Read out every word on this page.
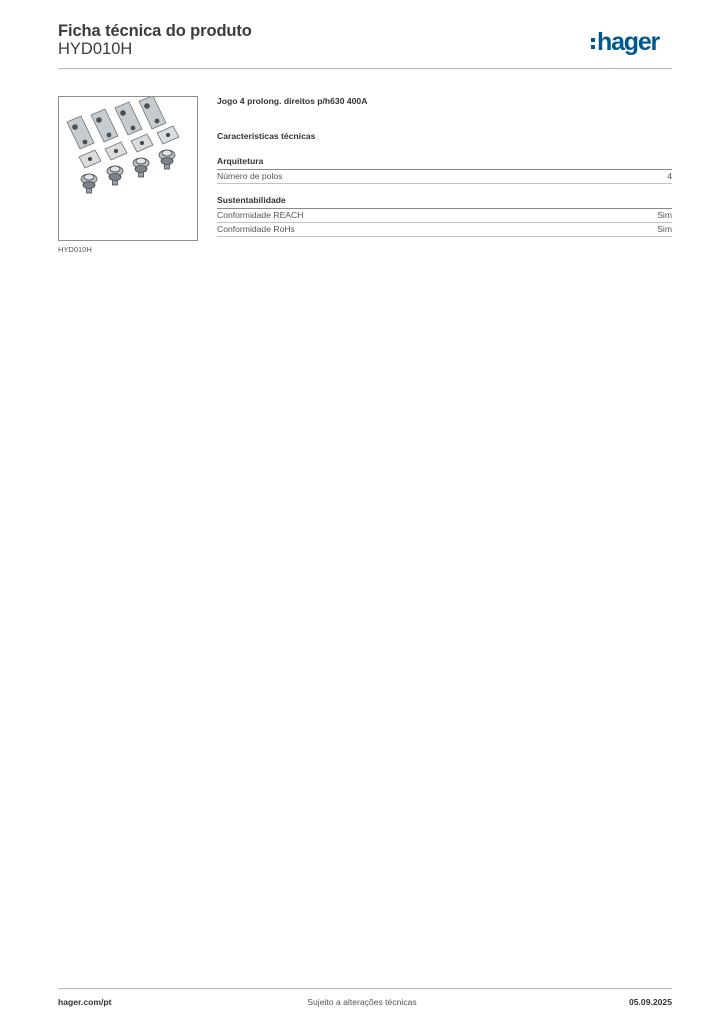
Ficha técnica do produto
HYD010H	hager
HYD010H
Jogo 4 prolong. direitos p/h630 400A
Características técnicas
Arquitetura
Número de polos	4
Sustentabilidade
Conformidade REACH	Sim
Conformidade RoHs	Sim
hager.com/pt	Sujeito a alterações técnicas	05.09.2025
